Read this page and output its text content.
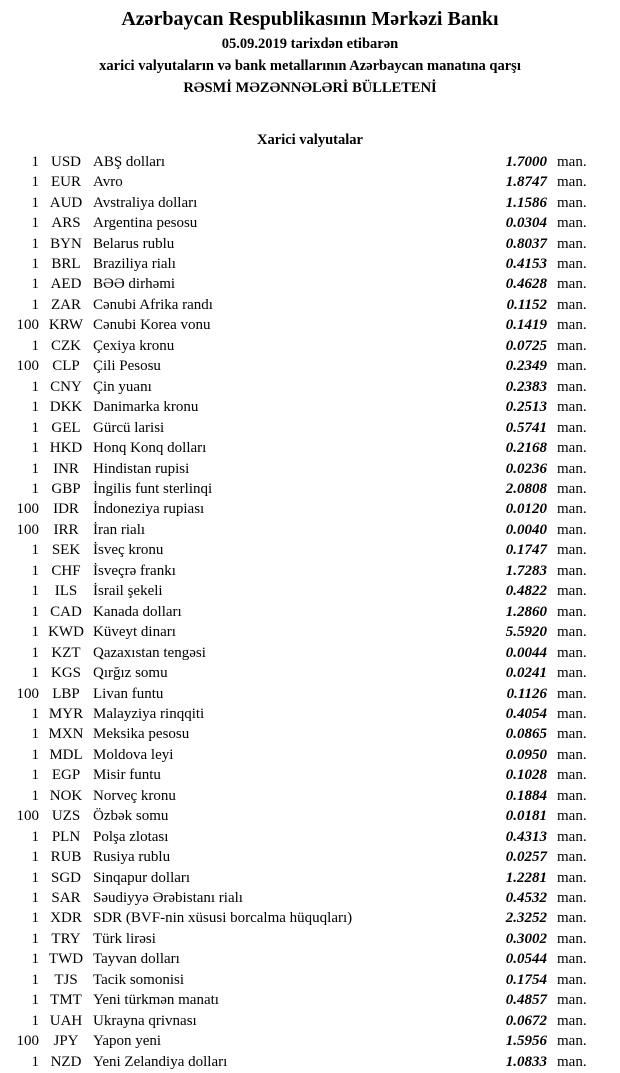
Azərbaycan Respublikasının Mərkəzi Bankı
05.09.2019 tarixdən etibarən
xarici valyutaların və bank metallarının Azərbaycan manatına qarşı
RƏSMİ MƏZƏNNƏLƏRİ BÜLLETENİ
Xarici valyutalar
1 USD ABŞ dolları	1.7000 man.
1 EUR Avro	1.8747 man.
1 AUD Avstraliya dolları	1.1586 man.
1 ARS Argentina pesosu	0.0304 man.
1 BYN Belarus rublu	0.8037 man.
1 BRL Braziliya rialı	0.4153 man.
1 AED BƏƏ dirhəmi	0.4628 man.
1 ZAR Cənubi Afrika randı	0.1152 man.
100 KRW Cənubi Korea vonu	0.1419 man.
1 CZK Çexiya kronu	0.0725 man.
100 CLP Çili Pesosu	0.2349 man.
1 CNY Çin yuanı	0.2383 man.
1 DKK Danimarka kronu	0.2513 man.
1 GEL Gürcü larisi	0.5741 man.
1 HKD Honq Konq dolları	0.2168 man.
1 INR Hindistan rupisi	0.0236 man.
1 GBP İngilis funt sterlinqi	2.0808 man.
100 IDR İndoneziya rupiası	0.0120 man.
100 IRR İran rialı	0.0040 man.
1 SEK İsveç kronu	0.1747 man.
1 CHF İsveçrə frankı	1.7283 man.
1	ILS	İsrail şekeli	0.4822 man.
1 CAD Kanada dolları	1.2860 man.
1 KWD Küveyt dinarı	5.5920 man.
1 KZT Qazaxıstan tengəsi	0.0044 man.
1 KGS Qırğız somu	0.0241 man.
100 LBP Livan funtu	0.1126 man.
1 MYR Malayziya rinqqiti	0.4054 man.
1 MXN Meksika pesosu	0.0865 man.
1 MDL Moldova leyi	0.0950 man.
1 EGP Misir funtu	0.1028 man.
1 NOK Norveç kronu	0.1884 man.
100 UZS Özbək somu	0.0181 man.
1 PLN Polşa zlotası	0.4313 man.
1 RUB Rusiya rublu	0.0257 man.
1 SGD Sinqapur dolları	1.2281 man.
1 SAR Səudiyyə Ərəbistanı rialı	0.4532 man.
1 XDR SDR (BVF-nin xüsusi borcalma hüquqları)	2.3252 man.
1 TRY Türk lirəsi	0.3002 man.
1 TWD Tayvan dolları	0.0544 man.
1	TJS	Tacik somonisi	0.1754 man.
1 TMT Yeni türkmən manatı	0.4857 man.
1 UAH Ukrayna qrivnası	0.0672 man.
100 JPY Yapon yeni	1.5956 man.
1 NZD Yeni Zelandiya dolları	1.0833 man.
